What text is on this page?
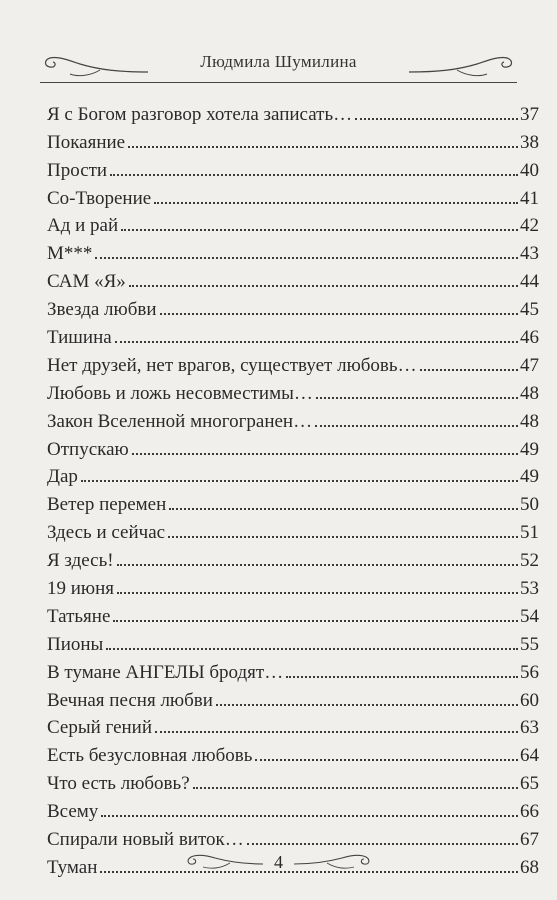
Людмила Шумилина
Я с Богом разговор хотела записать…	37
Покаяние	38
Прости	40
Со-Творение	41
Ад и рай	42
М***	43
САМ «Я»	44
Звезда любви	45
Тишина	46
Нет друзей, нет врагов, существует любовь…	47
Любовь и ложь несовместимы…	48
Закон Вселенной многогранен…	48
Отпускаю	49
Дар	49
Ветер перемен	50
Здесь и сейчас	51
Я здесь!	52
19 июня	53
Татьяне	54
Пионы	55
В тумане АНГЕЛЫ бродят…	56
Вечная песня любви	60
Серый гений	63
Есть безусловная любовь	64
Что есть любовь?	65
Всему	66
Спирали новый виток…	67
Туман	68
4
